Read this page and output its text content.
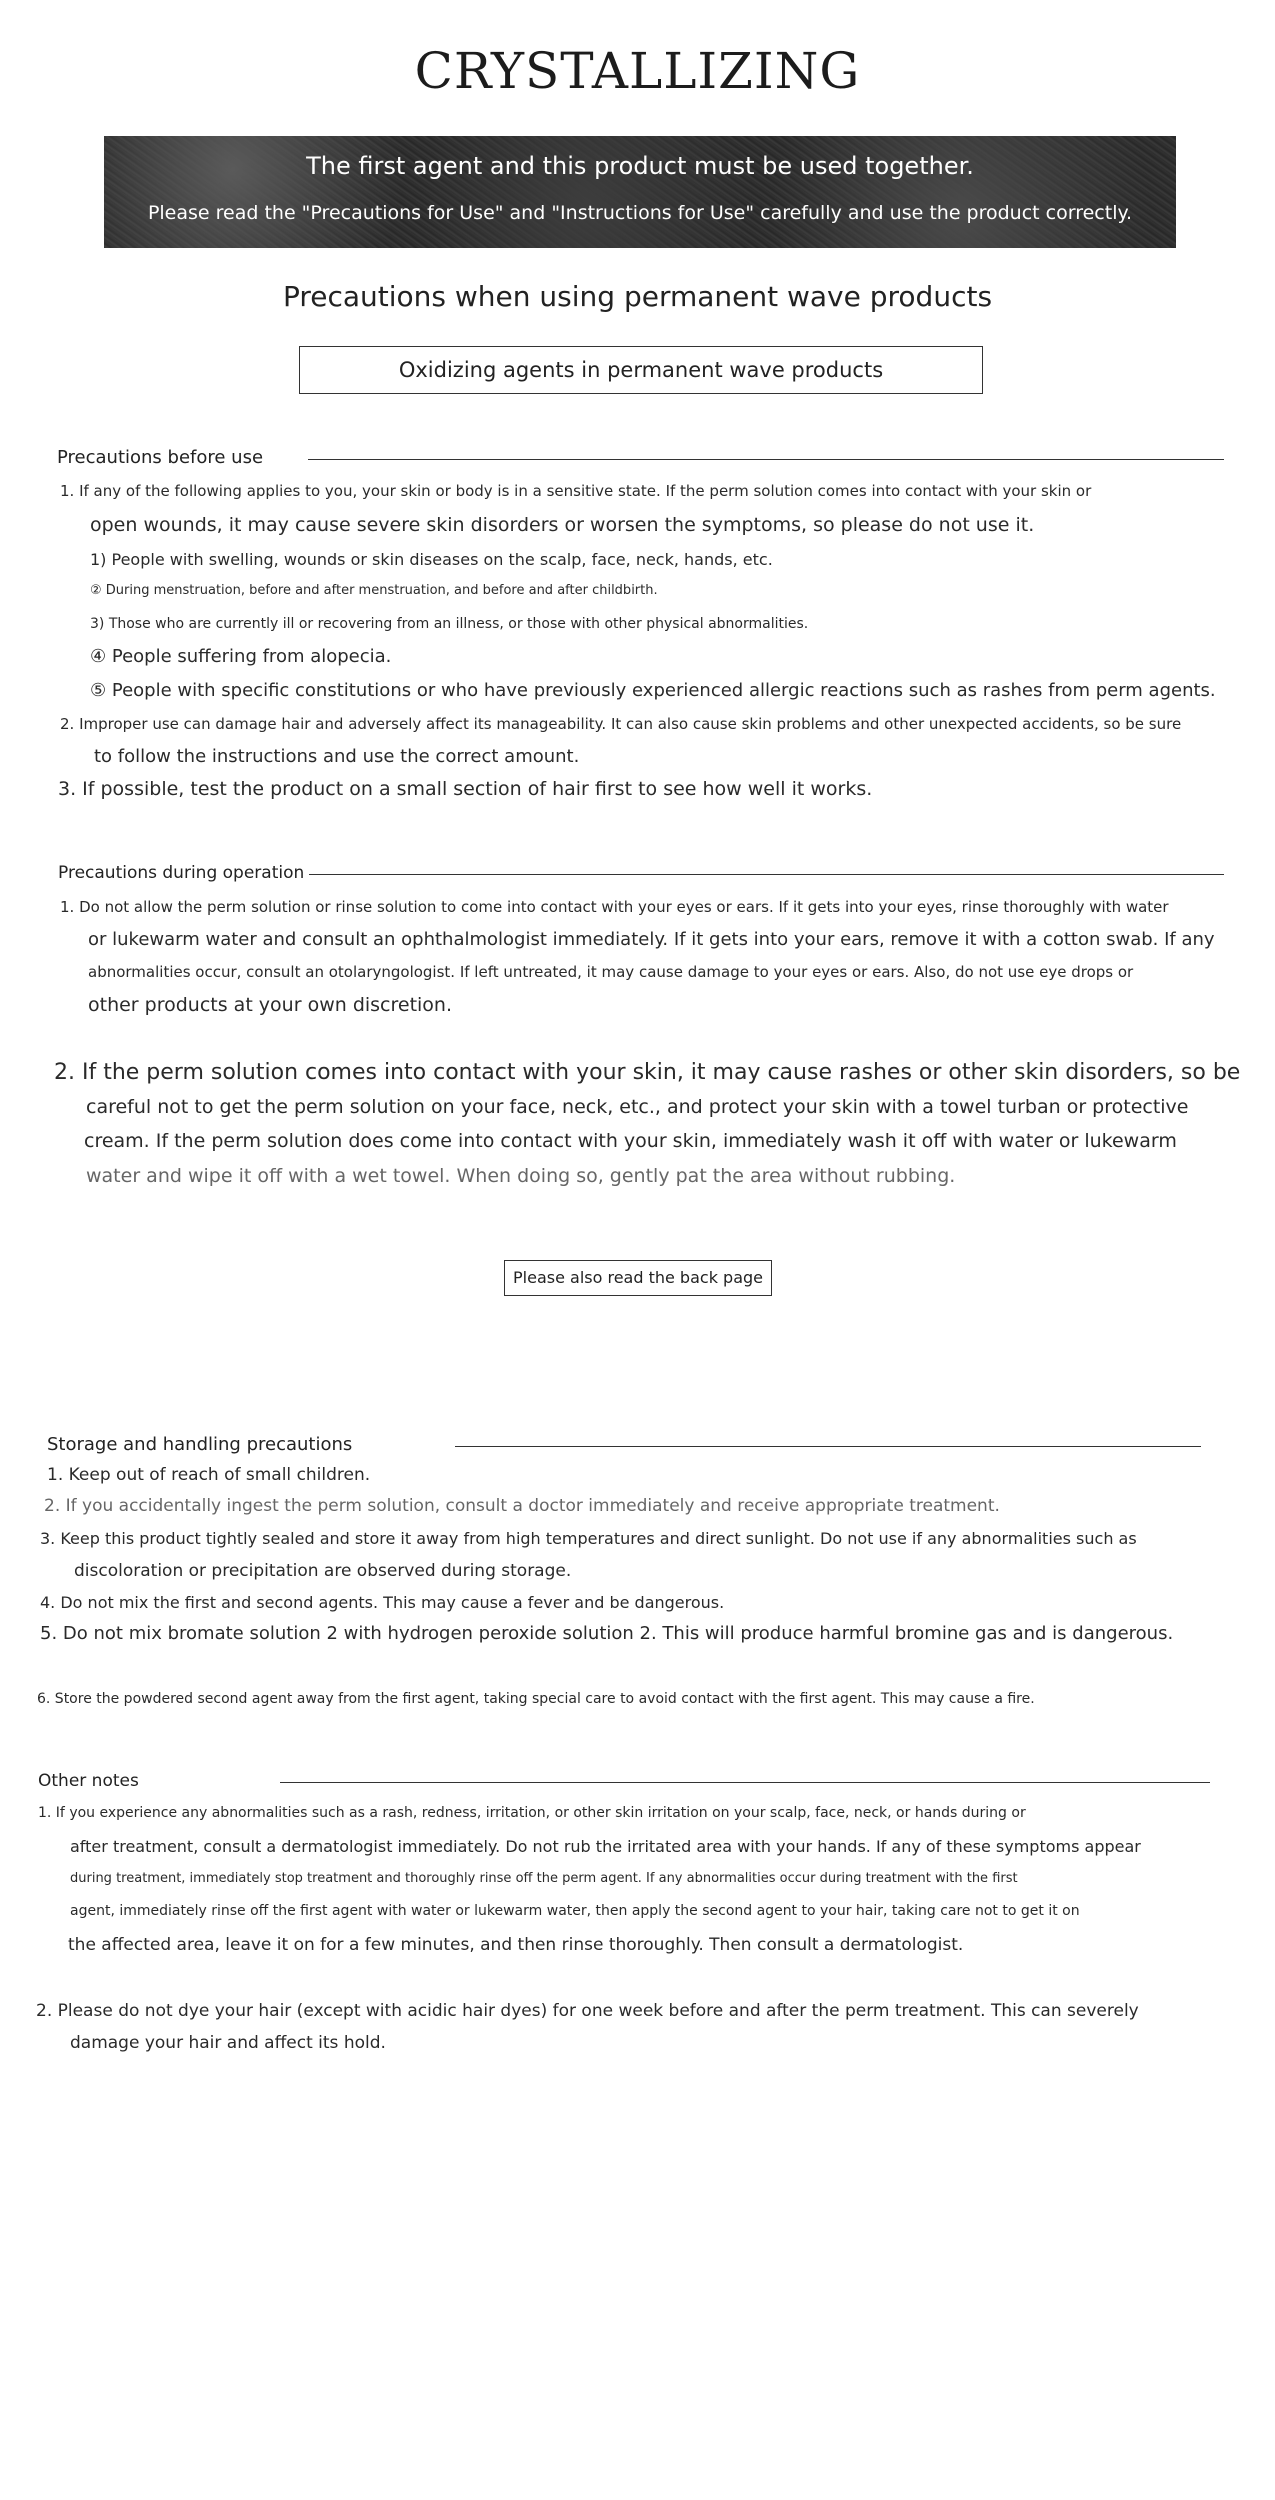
CRYSTALLIZING
The first agent and this product must be used together.
Please read the "Precautions for Use" and "Instructions for Use" carefully and use the product correctly.
Precautions when using permanent wave products
Oxidizing agents in permanent wave products
Precautions before use
1. If any of the following applies to you, your skin or body is in a sensitive state. If the perm solution comes into contact with your skin or
open wounds, it may cause severe skin disorders or worsen the symptoms, so please do not use it.
1) People with swelling, wounds or skin diseases on the scalp, face, neck, hands, etc.
② During menstruation, before and after menstruation, and before and after childbirth.
3) Those who are currently ill or recovering from an illness, or those with other physical abnormalities.
④ People suffering from alopecia.
⑤ People with specific constitutions or who have previously experienced allergic reactions such as rashes from perm agents.
2. Improper use can damage hair and adversely affect its manageability. It can also cause skin problems and other unexpected accidents, so be sure
to follow the instructions and use the correct amount.
3. If possible, test the product on a small section of hair first to see how well it works.
Precautions during operation
1. Do not allow the perm solution or rinse solution to come into contact with your eyes or ears. If it gets into your eyes, rinse thoroughly with water
or lukewarm water and consult an ophthalmologist immediately. If it gets into your ears, remove it with a cotton swab. If any
abnormalities occur, consult an otolaryngologist. If left untreated, it may cause damage to your eyes or ears. Also, do not use eye drops or
other products at your own discretion.
2. If the perm solution comes into contact with your skin, it may cause rashes or other skin disorders, so be
careful not to get the perm solution on your face, neck, etc., and protect your skin with a towel turban or protective
cream. If the perm solution does come into contact with your skin, immediately wash it off with water or lukewarm
water and wipe it off with a wet towel. When doing so, gently pat the area without rubbing.
Please also read the back page
Storage and handling precautions
1. Keep out of reach of small children.
2. If you accidentally ingest the perm solution, consult a doctor immediately and receive appropriate treatment.
3. Keep this product tightly sealed and store it away from high temperatures and direct sunlight. Do not use if any abnormalities such as
discoloration or precipitation are observed during storage.
4. Do not mix the first and second agents. This may cause a fever and be dangerous.
5. Do not mix bromate solution 2 with hydrogen peroxide solution 2. This will produce harmful bromine gas and is dangerous.
6. Store the powdered second agent away from the first agent, taking special care to avoid contact with the first agent. This may cause a fire.
Other notes
1. If you experience any abnormalities such as a rash, redness, irritation, or other skin irritation on your scalp, face, neck, or hands during or
after treatment, consult a dermatologist immediately. Do not rub the irritated area with your hands. If any of these symptoms appear
during treatment, immediately stop treatment and thoroughly rinse off the perm agent. If any abnormalities occur during treatment with the first
agent, immediately rinse off the first agent with water or lukewarm water, then apply the second agent to your hair, taking care not to get it on
the affected area, leave it on for a few minutes, and then rinse thoroughly. Then consult a dermatologist.
2. Please do not dye your hair (except with acidic hair dyes) for one week before and after the perm treatment. This can severely
damage your hair and affect its hold.
